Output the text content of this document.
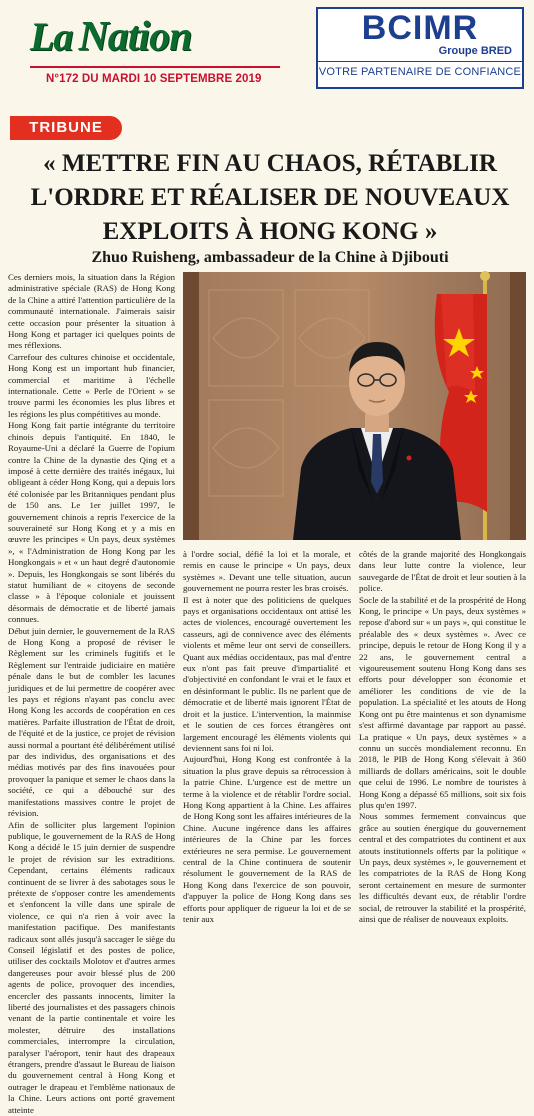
La Nation
N°172 DU MARDI 10 SEPTEMBRE 2019
BCIMR
Groupe BRED
VOTRE PARTENAIRE DE CONFIANCE
TRIBUNE
« METTRE FIN AU CHAOS, RÉTABLIR L'ORDRE ET RÉALISER DE NOUVEAUX EXPLOITS À HONG KONG »
Zhuo Ruisheng, ambassadeur de la Chine à Djibouti

Ces derniers mois, la situation dans la Région administrative spéciale (RAS) de Hong Kong de la Chine a attiré l'attention particulière de la communauté internationale. J'aimerais saisir cette occasion pour présenter la situation à Hong Kong et partager ici quelques points de mes réflexions.

Carrefour des cultures chinoise et occidentale, Hong Kong est un important hub financier, commercial et maritime à l'échelle internationale. Cette « Perle de l'Orient » se trouve parmi les économies les plus libres et les régions les plus compétitives au monde.

Hong Kong fait partie intégrante du territoire chinois depuis l'antiquité. En 1840, le Royaume-Uni a déclaré la Guerre de l'opium contre la Chine de la dynastie des Qing et a imposé à cette dernière des traités inégaux, lui obligeant à céder Hong Kong, qui a depuis lors été colonisée par les Britanniques pendant plus de 150 ans. Le 1er juillet 1997, le gouvernement chinois a repris l'exercice de la souveraineté sur Hong Kong et y a mis en œuvre les principes « Un pays, deux systèmes », « l'Administration de Hong Kong par les Hongkongais » et « un haut degré d'autonomie ». Depuis, les Hongkongais se sont libérés du statut humiliant de « citoyens de seconde classe » à l'époque coloniale et jouissent désormais de démocratie et de liberté jamais connues.

Début juin dernier, le gouvernement de la RAS de Hong Kong a proposé de réviser le Règlement sur les criminels fugitifs et le Règlement sur l'entraide judiciaire en matière pénale dans le but de combler les lacunes juridiques et de lui permettre de coopérer avec les pays et régions n'ayant pas conclu avec Hong Kong les accords de coopération en ces matières. Parfaite illustration de l'État de droit, de l'équité et de la justice, ce projet de révision aussi normal a pourtant été délibérément utilisé par des individus, des organisations et des médias motivés par des fins inavouées pour provoquer la panique et semer le chaos dans la société, ce qui a débouché sur des manifestations massives contre le projet de révision.

Afin de solliciter plus largement l'opinion publique, le gouvernement de la RAS de Hong Kong a décidé le 15 juin dernier de suspendre le projet de révision sur les extraditions. Cependant, certains éléments radicaux continuent de se livrer à des sabotages sous le prétexte de s'opposer contre les amendements et s'enfoncent la ville dans une spirale de violence, ce qui n'a rien à voir avec la manifestation pacifique. Des manifestants radicaux sont allés jusqu'à saccager le siège du Conseil législatif et des postes de police, utiliser des cocktails Molotov et d'autres armes dangereuses pour avoir blessé plus de 200 agents de police, provoquer des incendies, encercler des passants innocents, limiter la liberté des journalistes et des passagers chinois venant de la partie continentale et voire les molester, détruire des installations commerciales, interrompre la circulation, paralyser l'aéroport, tenir haut des drapeaux étrangers, prendre d'assaut le Bureau de liaison du gouvernement central à Hong Kong et outrager le drapeau et l'emblème nationaux de la Chine. Leurs actions ont porté gravement atteinte

à l'ordre social, défié la loi et la morale, et remis en cause le principe « Un pays, deux systèmes ». Devant une telle situation, aucun gouvernement ne pourra rester les bras croisés.

Il est à noter que des politiciens de quelques pays et organisations occidentaux ont attisé les actes de violences, encouragé ouvertement les casseurs, agi de connivence avec des éléments violents et même leur ont servi de conseillers. Quant aux médias occidentaux, pas mal d'entre eux n'ont pas fait preuve d'impartialité et d'objectivité en confondant le vrai et le faux et en désinformant le public. Ils ne parlent que de démocratie et de liberté mais ignorent l'État de droit et la justice. L'intervention, la mainmise et le soutien de ces forces étrangères ont largement encouragé les éléments violents qui deviennent sans foi ni loi.

Aujourd'hui, Hong Kong est confrontée à la situation la plus grave depuis sa rétrocession à la patrie Chine. L'urgence est de mettre un terme à la violence et de rétablir l'ordre social. Hong Kong appartient à la Chine. Les affaires de Hong Kong sont les affaires intérieures de la Chine. Aucune ingérence dans les affaires intérieures de la Chine par les forces extérieures ne sera permise. Le gouvernement central de la Chine continuera de soutenir résolument le gouvernement de la RAS de Hong Kong dans l'exercice de son pouvoir, d'appuyer la police de Hong Kong dans ses efforts pour appliquer de rigueur la loi et de se tenir aux

côtés de la grande majorité des Hongkongais dans leur lutte contre la violence, leur sauvegarde de l'État de droit et leur soutien à la police.

Socle de la stabilité et de la prospérité de Hong Kong, le principe « Un pays, deux systèmes » repose d'abord sur « un pays », qui constitue le préalable des « deux systèmes ». Avec ce principe, depuis le retour de Hong Kong il y a 22 ans, le gouvernement central a vigoureusement soutenu Hong Kong dans ses efforts pour développer son économie et améliorer les conditions de vie de la population. La spécialité et les atouts de Hong Kong ont pu être maintenus et son dynamisme s'est affirmé davantage par rapport au passé. La pratique « Un pays, deux systèmes » a connu un succès mondialement reconnu. En 2018, le PIB de Hong Kong s'élevait à 360 milliards de dollars américains, soit le double que celui de 1996. Le nombre de touristes à Hong Kong a dépassé 65 millions, soit six fois plus qu'en 1997.

Nous sommes fermement convaincus que grâce au soutien énergique du gouvernement central et des compatriotes du continent et aux atouts institutionnels offerts par la politique « Un pays, deux systèmes », le gouvernement et les compatriotes de la RAS de Hong Kong seront certainement en mesure de surmonter les difficultés devant eux, de rétablir l'ordre social, de retrouver la stabilité et la prospérité, ainsi que de réaliser de nouveaux exploits.
